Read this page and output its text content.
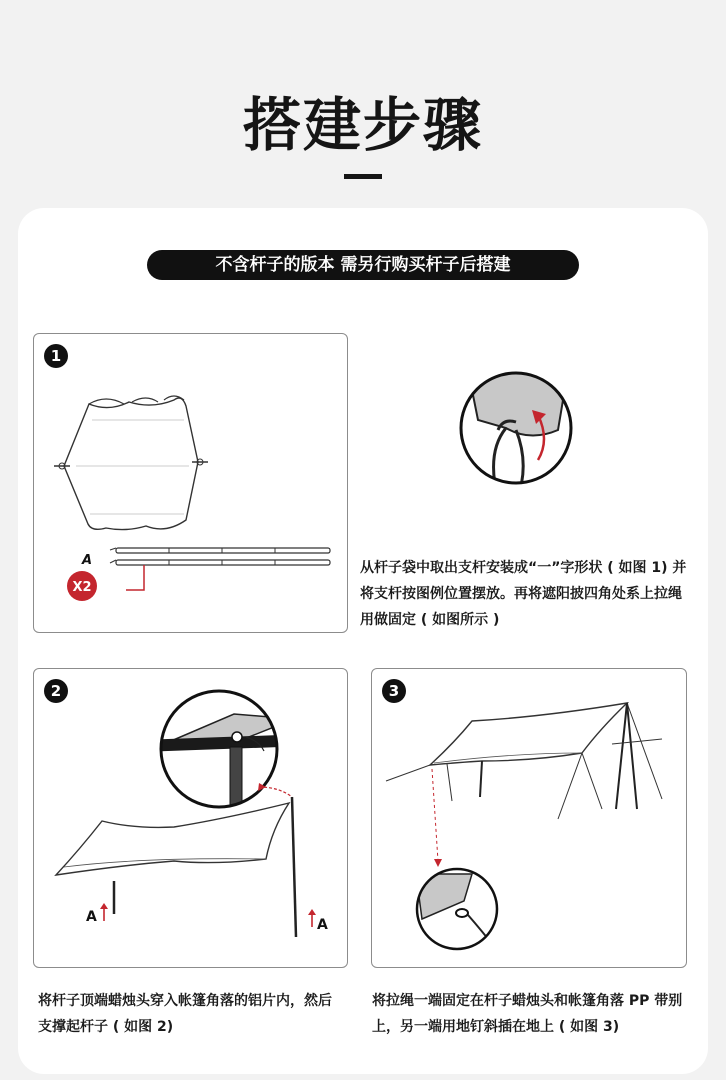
搭建步骤
不含杆子的版本 需另行购买杆子后搭建
1
A
X2
从杆子袋中取出支杆安装成“一”字形状 ( 如图 1) 并将支杆按图例位置摆放。再将遮阳披四角处系上拉绳用做固定 ( 如图所示 )
2
A	A
将杆子顶端蜡烛头穿入帐篷角落的铝片内，然后支撑起杆子 ( 如图 2)
3
将拉绳一端固定在杆子蜡烛头和帐篷角落 PP 带别上，另一端用地钉斜插在地上 ( 如图 3)
